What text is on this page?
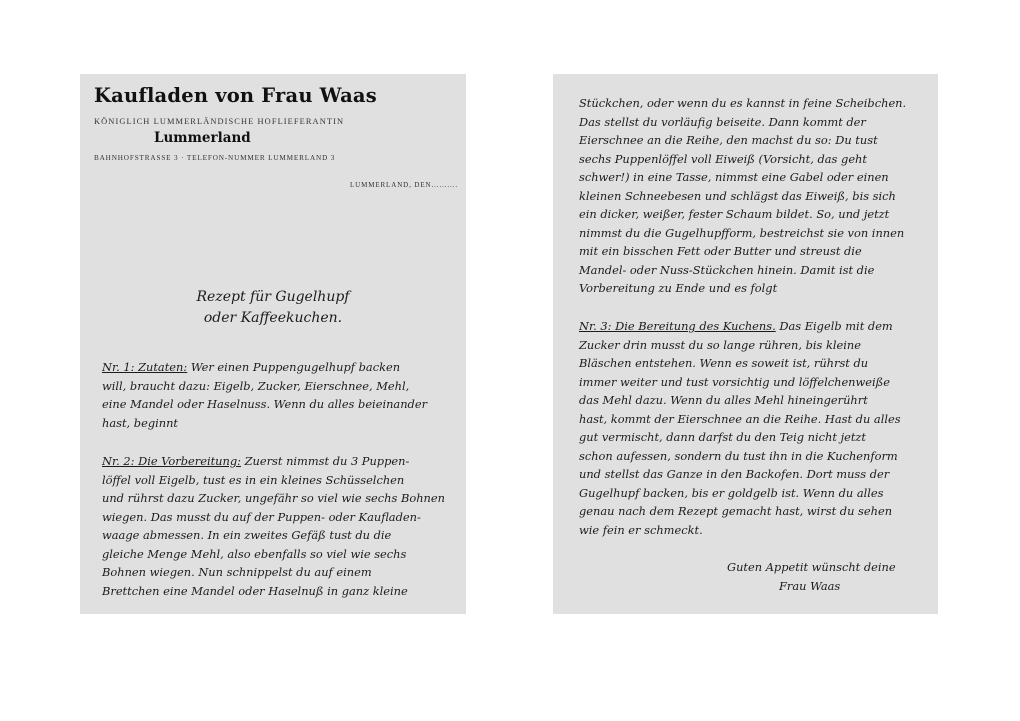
Kaufladen von Frau Waas
KÖNIGLICH LUMMERLÄNDISCHE HOFLIEFERANTIN
Lummerland
BAHNHOFSTRASSE 3 · TELEFON-NUMMER LUMMERLAND 3
LUMMERLAND, DEN..........
Rezept für Gugelhupf
oder Kaffeekuchen.
Nr. 1: Zutaten: Wer einen Puppengugelhupf backen
will, braucht dazu: Eigelb, Zucker, Eierschnee, Mehl,
eine Mandel oder Haselnuss. Wenn du alles beieinander
hast, beginnt
Nr. 2: Die Vorbereitung: Zuerst nimmst du 3 Puppen-
löffel voll Eigelb, tust es in ein kleines Schüsselchen
und rührst dazu Zucker, ungefähr so viel wie sechs Bohnen
wiegen. Das musst du auf der Puppen- oder Kaufladen-
waage abmessen. In ein zweites Gefäß tust du die
gleiche Menge Mehl, also ebenfalls so viel wie sechs
Bohnen wiegen. Nun schnippelst du auf einem
Brettchen eine Mandel oder Haselnuß in ganz kleine
Stückchen, oder wenn du es kannst in feine Scheibchen.
Das stellst du vorläufig beiseite. Dann kommt der
Eierschnee an die Reihe, den machst du so: Du tust
sechs Puppenlöffel voll Eiweiß (Vorsicht, das geht
schwer!) in eine Tasse, nimmst eine Gabel oder einen
kleinen Schneebesen und schlägst das Eiweiß, bis sich
ein dicker, weißer, fester Schaum bildet. So, und jetzt
nimmst du die Gugelhupfform, bestreichst sie von innen
mit ein bisschen Fett oder Butter und streust die
Mandel- oder Nuss-Stückchen hinein. Damit ist die
Vorbereitung zu Ende und es folgt
Nr. 3: Die Bereitung des Kuchens. Das Eigelb mit dem
Zucker drin musst du so lange rühren, bis kleine
Bläschen entstehen. Wenn es soweit ist, rührst du
immer weiter und tust vorsichtig und löffelchenweiße
das Mehl dazu. Wenn du alles Mehl hineingerührt
hast, kommt der Eierschnee an die Reihe. Hast du alles
gut vermischt, dann darfst du den Teig nicht jetzt
schon aufessen, sondern du tust ihn in die Kuchenform
und stellst das Ganze in den Backofen. Dort muss der
Gugelhupf backen, bis er goldgelb ist. Wenn du alles
genau nach dem Rezept gemacht hast, wirst du sehen
wie fein er schmeckt.
Guten Appetit wünscht deine
Frau Waas
